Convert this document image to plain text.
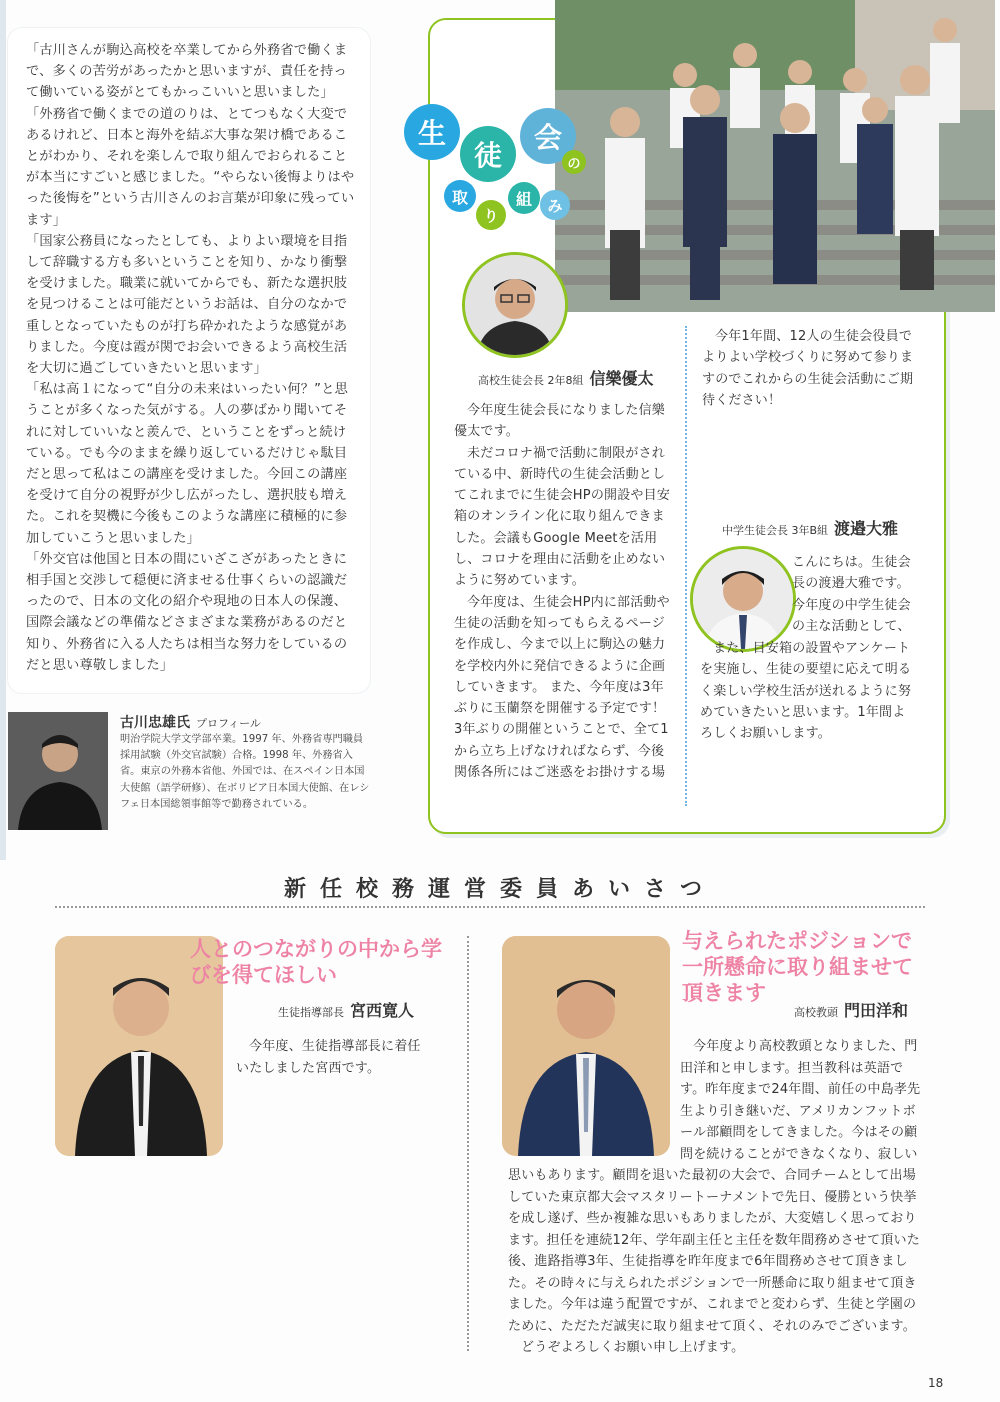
「古川さんが駒込高校を卒業してから外務省で働くまで、多くの苦労があったかと思いますが、責任を持って働いている姿がとてもかっこいいと思いました」

「外務省で働くまでの道のりは、とてつもなく大変であるけれど、日本と海外を結ぶ大事な架け橋であることがわかり、それを楽しんで取り組んでおられることが本当にすごいと感じました。“やらない後悔よりはやった後悔を”という古川さんのお言葉が印象に残っています」

「国家公務員になったとしても、よりよい環境を目指して辞職する方も多いということを知り、かなり衝撃を受けました。職業に就いてからでも、新たな選択肢を見つけることは可能だというお話は、自分のなかで重しとなっていたものが打ち砕かれたような感覚がありました。今度は霞が関でお会いできるよう高校生活を大切に過ごしていきたいと思います」

「私は高１になって“自分の未来はいったい何？”と思うことが多くなった気がする。人の夢ばかり聞いてそれに対していいなと羨んで、ということをずっと続けている。でも今のままを繰り返しているだけじゃ駄目だと思って私はこの講座を受けました。今回この講座を受けて自分の視野が少し広がったし、選択肢も増えた。これを契機に今後もこのような講座に積極的に参加していこうと思いました」

「外交官は他国と日本の間にいざこざがあったときに相手国と交渉して穏便に済ませる仕事くらいの認識だったので、日本の文化の紹介や現地の日本人の保護、国際会議などの準備などさまざまな業務があるのだと知り、外務省に入る人たちは相当な努力をしているのだと思い尊敬しました」

古川忠雄氏 プロフィール
明治学院大学文学部卒業。1997 年、外務省専門職員採用試験（外交官試験）合格。1998 年、外務省入省。東京の外務本省他、外国では、在スペイン日本国大使館（語学研修）、在ボリビア日本国大使館、在レシフェ日本国総領事館等で勤務されている。
生
徒
会
の
取
り
組	み
高校生徒会長 2年8組 信樂優太

今年度生徒会長になりました信樂優太です。

未だコロナ禍で活動に制限がされている中、新時代の生徒会活動としてこれまでに生徒会HPの開設や目安箱のオンライン化に取り組んできました。会議もGoogle Meetを活用し、コロナを理由に活動を止めないように努めています。

今年度は、生徒会HP内に部活動や生徒の活動を知ってもらえるページを作成し、今まで以上に駒込の魅力を学校内外に発信できるように企画していきます。 また、今年度は3年ぶりに玉蘭祭を開催する予定です！3年ぶりの開催ということで、全て1から立ち上げなければならず、今後関係各所にはご迷惑をお掛けする場

今年1年間、12人の生徒会役員でよりよい学校づくりに努めて参りますのでこれからの生徒会活動にご期待ください！

中学生徒会長 3年B組 渡邉大雅

こんにちは。生徒会長の渡邉大雅です。今年度の中学生徒会の主な活動として、

また、目安箱の設置やアンケートを実施し、生徒の要望に応えて明るく楽しい学校生活が送れるように努めていきたいと思います。1年間よろしくお願いします。

新任校務運営委員あいさつ
人とのつながりの中から学びを得てほしい
生徒指導部長 宮西寛人

今年度、生徒指導部長に着任いたしました宮西です。

与えられたポジションで一所懸命に取り組ませて頂きます
高校教頭 門田洋和

今年度より高校教頭となりました、門田洋和と申します。担当教科は英語です。昨年度まで24年間、前任の中島孝先生より引き継いだ、アメリカンフットボール部顧問をしてきました。今はその顧問を続けることができなくなり、寂しい思いもあります。顧問を退いた最初の大会で、合同チームとして出場していた東京都大会マスタリートーナメントで先日、優勝という快挙を成し遂げ、些か複雑な思いもありましたが、大変嬉しく思っております。担任を連続12年、学年副主任と主任を数年間務めさせて頂いた後、進路指導3年、生徒指導を昨年度まで6年間務めさせて頂きました。その時々に与えられたポジションで一所懸命に取り組ませて頂きました。今年は違う配置ですが、これまでと変わらず、生徒と学園のために、ただただ誠実に取り組ませて頂く、それのみでございます。

どうぞよろしくお願い申し上げます。

18
